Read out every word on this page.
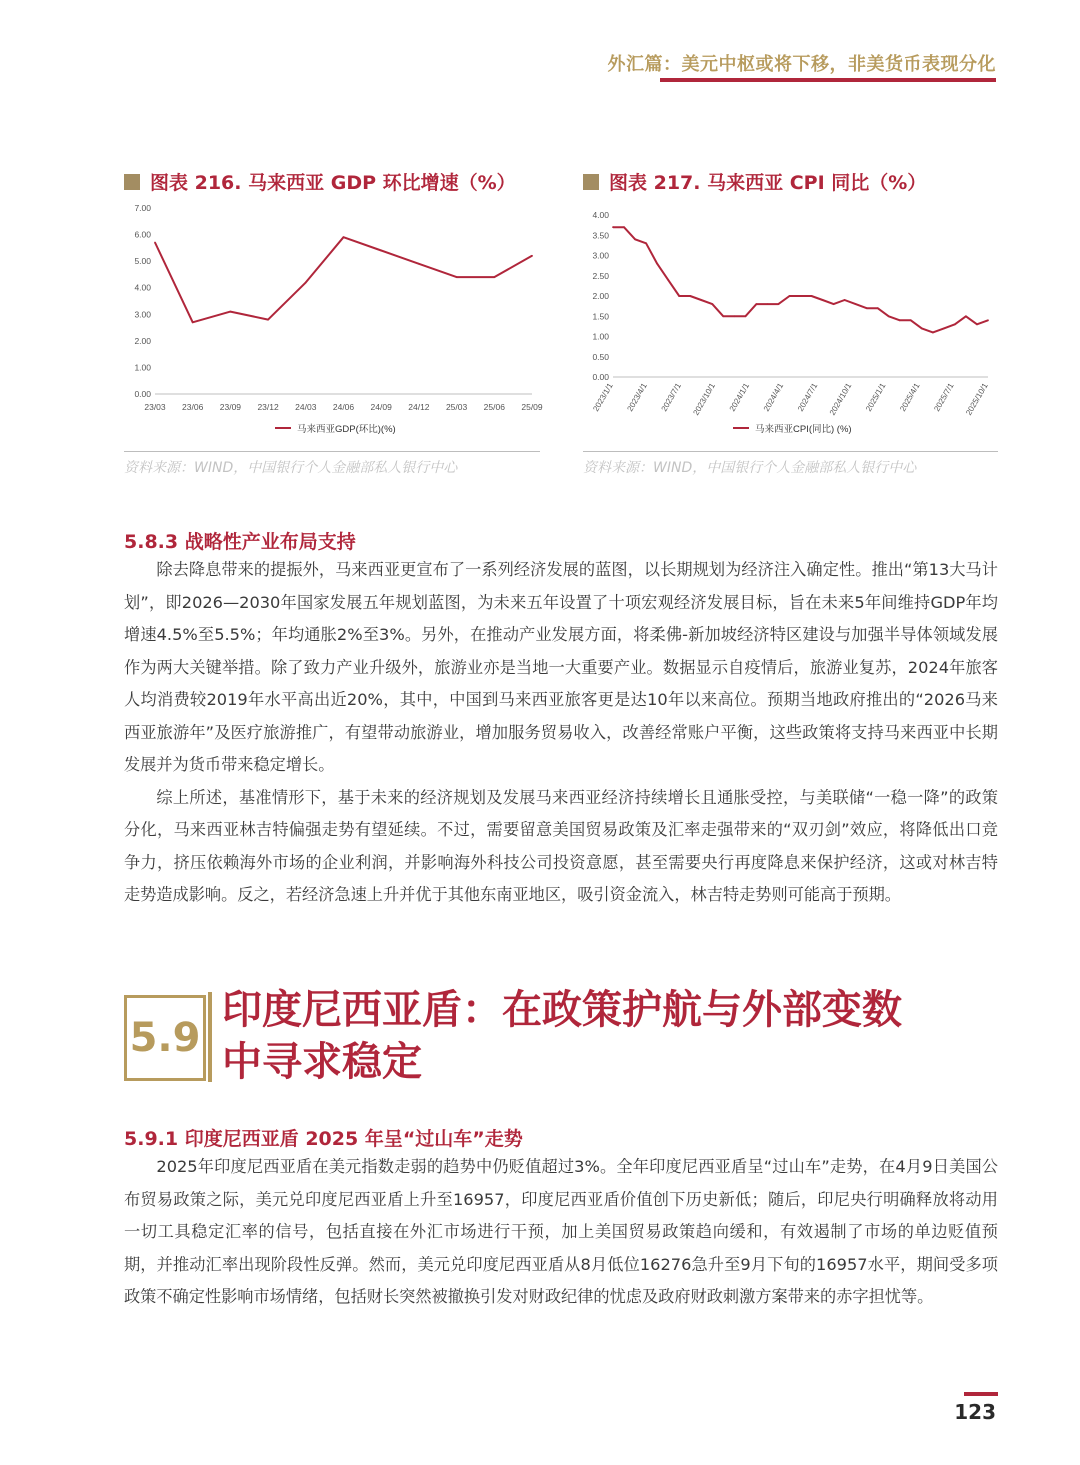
外汇篇：美元中枢或将下移，非美货币表现分化
图表 216. 马来西亚 GDP 环比增速（%）
0.00
1.00
2.00
3.00
4.00
5.00
6.00
7.00
23/03 23/06 23/09 23/12 24/03 24/06 24/09 24/12 25/03 25/06 25/09
马来西亚GDP(环比)(%)
资料来源：WIND，中国银行个人金融部私人银行中心
图表 217. 马来西亚 CPI 同比（%）
0.00
0.50
1.00
1.50
2.00
2.50
3.00
3.50
4.00
2023/1/1 2023/4/1 2023/7/1 2023/10/1 2024/1/1 2024/4/1 2024/7/1 2024/10/1 2025/1/1 2025/4/1 2025/7/1 2025/10/1
马来西亚CPI(同比) (%)
资料来源：WIND，中国银行个人金融部私人银行中心
5.8.3 战略性产业布局支持

除去降息带来的提振外，马来西亚更宣布了一系列经济发展的蓝图，以长期规划为经济注入确定性。推出“第13大马计划”，即2026—2030年国家发展五年规划蓝图，为未来五年设置了十项宏观经济发展目标，旨在未来5年间维持GDP年均增速4.5%至5.5%；年均通胀2%至3%。另外，在推动产业发展方面，将柔佛-新加坡经济特区建设与加强半导体领域发展作为两大关键举措。除了致力产业升级外，旅游业亦是当地一大重要产业。数据显示自疫情后，旅游业复苏，2024年旅客人均消费较2019年水平高出近20%，其中，中国到马来西亚旅客更是达10年以来高位。预期当地政府推出的“2026马来西亚旅游年”及医疗旅游推广，有望带动旅游业，增加服务贸易收入，改善经常账户平衡，这些政策将支持马来西亚中长期发展并为货币带来稳定增长。

综上所述，基准情形下，基于未来的经济规划及发展马来西亚经济持续增长且通胀受控，与美联储“一稳一降”的政策分化，马来西亚林吉特偏强走势有望延续。不过，需要留意美国贸易政策及汇率走强带来的“双刃剑”效应，将降低出口竞争力，挤压依赖海外市场的企业利润，并影响海外科技公司投资意愿，甚至需要央行再度降息来保护经济，这或对林吉特走势造成影响。反之，若经济急速上升并优于其他东南亚地区，吸引资金流入，林吉特走势则可能高于预期。

5.9
印度尼西亚盾：在政策护航与外部变数
中寻求稳定
5.9.1 印度尼西亚盾 2025 年呈“过山车”走势

2025年印度尼西亚盾在美元指数走弱的趋势中仍贬值超过3%。全年印度尼西亚盾呈“过山车”走势，在4月9日美国公布贸易政策之际，美元兑印度尼西亚盾上升至16957，印度尼西亚盾价值创下历史新低；随后，印尼央行明确释放将动用一切工具稳定汇率的信号，包括直接在外汇市场进行干预，加上美国贸易政策趋向缓和，有效遏制了市场的单边贬值预期，并推动汇率出现阶段性反弹。然而，美元兑印度尼西亚盾从8月低位16276急升至9月下旬的16957水平，期间受多项政策不确定性影响市场情绪，包括财长突然被撤换引发对财政纪律的忧虑及政府财政刺激方案带来的赤字担忧等。

123
